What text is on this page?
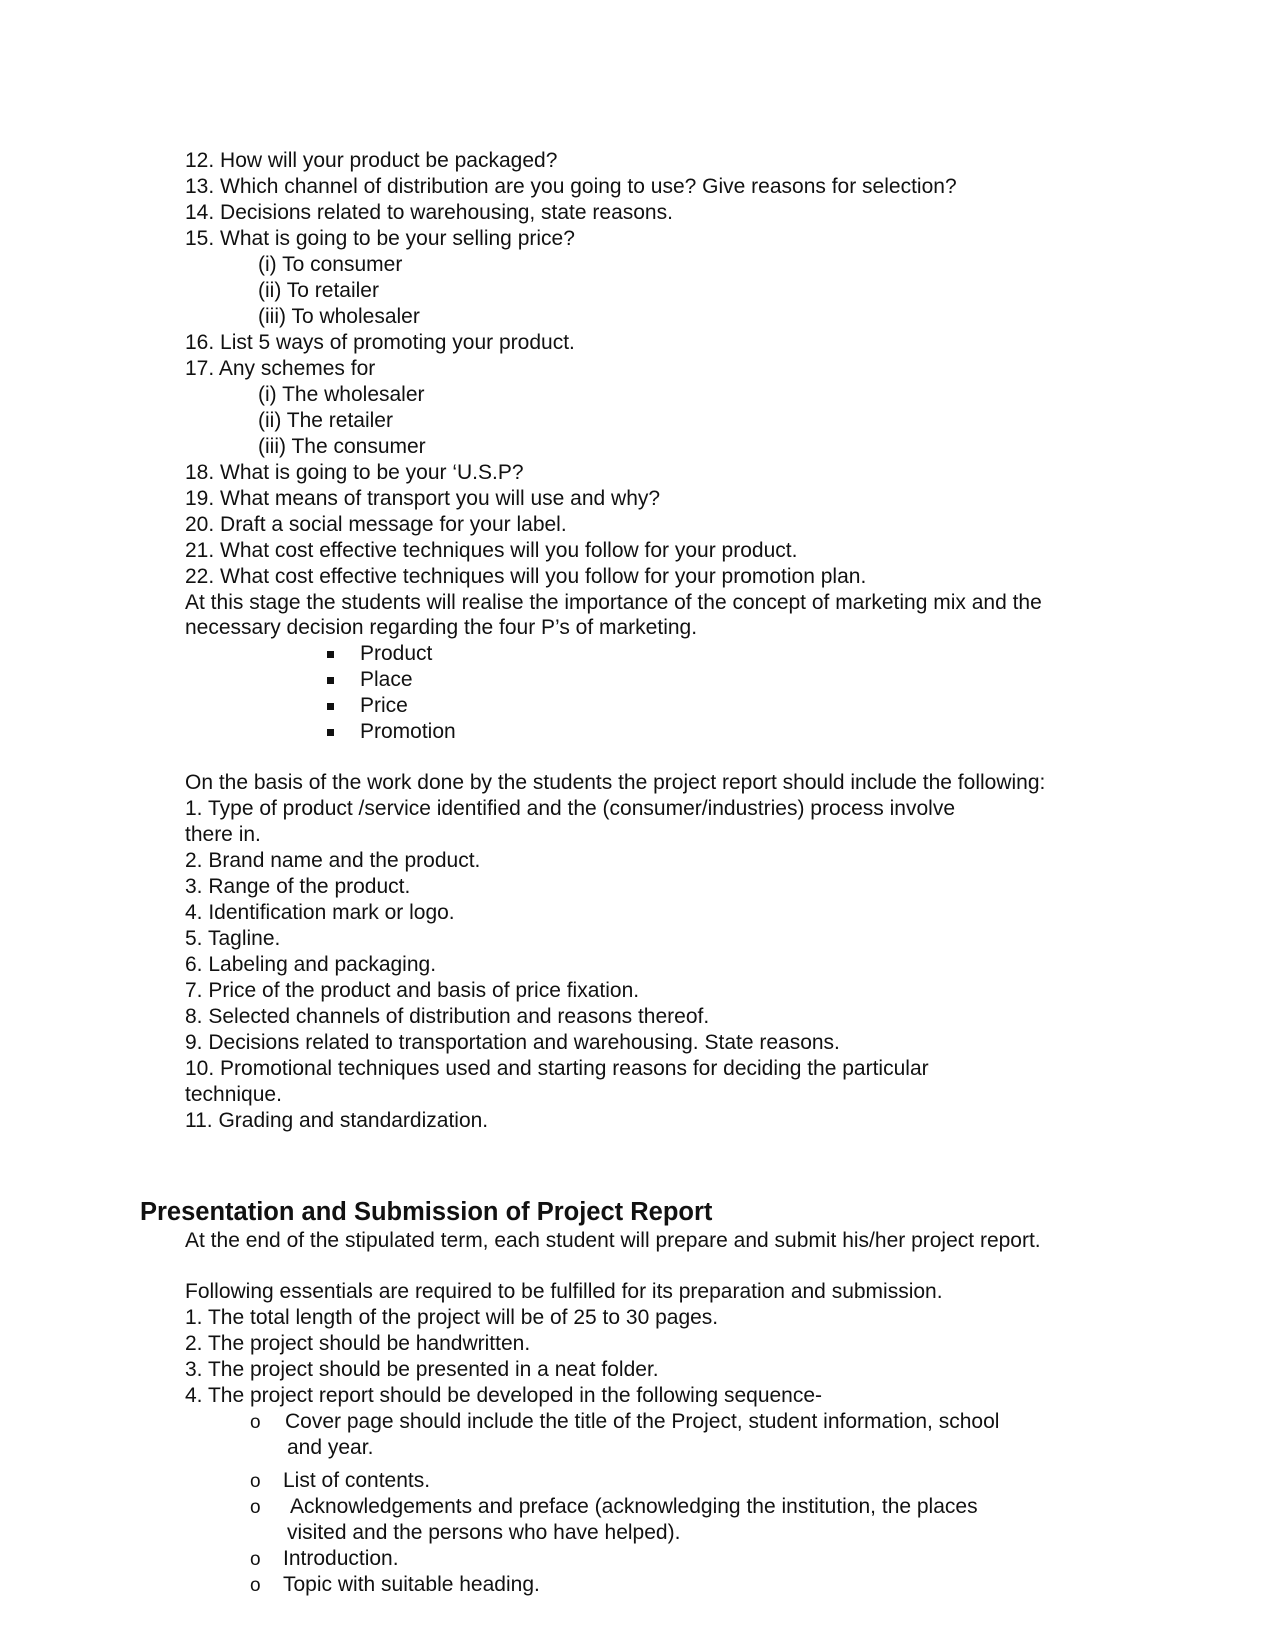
12. How will your product be packaged?

13. Which channel of distribution are you going to use? Give reasons for selection?

14. Decisions related to warehousing, state reasons.

15. What is going to be your selling price?

(i) To consumer

(ii) To retailer

(iii) To wholesaler

16. List 5 ways of promoting your product.

17. Any schemes for

(i) The wholesaler

(ii) The retailer

(iii) The consumer

18. What is going to be your ‘U.S.P?

19. What means of transport you will use and why?

20. Draft a social message for your label.

21. What cost effective techniques will you follow for your product.

22. What cost effective techniques will you follow for your promotion plan.

At this stage the students will realise the importance of the concept of marketing mix and the

necessary decision regarding the four P’s of marketing.

Product

Place

Price

Promotion

On the basis of the work done by the students the project report should include the following:

1. Type of product /service identified and the (consumer/industries) process involve

there in.

2. Brand name and the product.

3. Range of the product.

4. Identification mark or logo.

5. Tagline.

6. Labeling and packaging.

7. Price of the product and basis of price fixation.

8. Selected channels of distribution and reasons thereof.

9. Decisions related to transportation and warehousing. State reasons.

10. Promotional techniques used and starting reasons for deciding the particular

technique.

11. Grading and standardization.

Presentation and Submission of Project Report

At the end of the stipulated term, each student will prepare and submit his/her project report.

Following essentials are required to be fulfilled for its preparation and submission.

1. The total length of the project will be of 25 to 30 pages.

2. The project should be handwritten.

3. The project should be presented in a neat folder.

4. The project report should be developed in the following sequence-

o Cover page should include the title of the Project, student information, school

and year.

o List of contents.

o Acknowledgements and preface (acknowledging the institution, the places

visited and the persons who have helped).

o Introduction.

o Topic with suitable heading.
